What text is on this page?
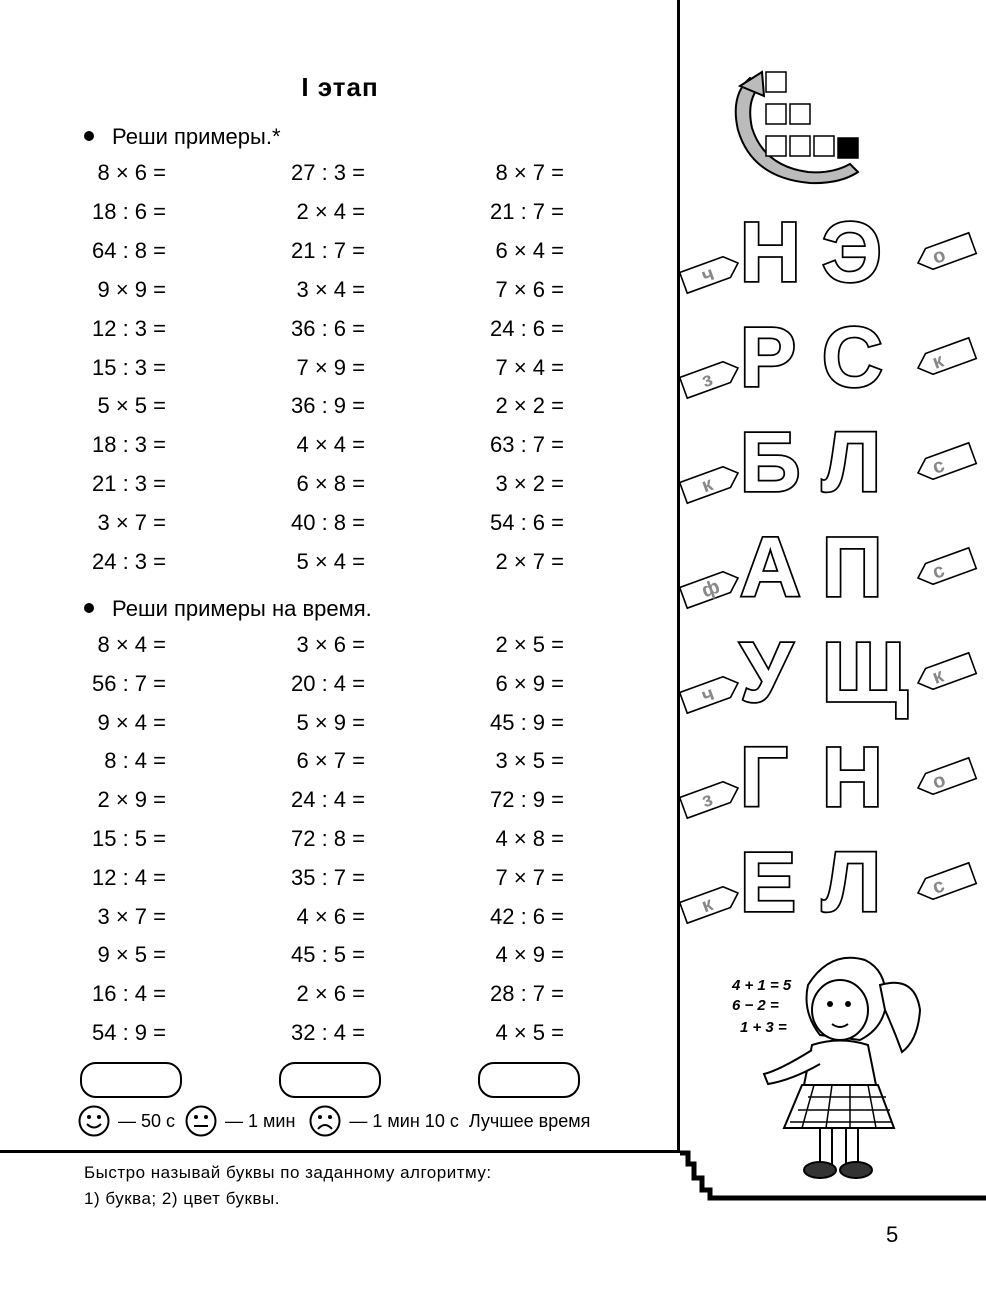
I этап
Реши примеры.*
8 × 6 =	27 : 3 =	8 × 7 =
18 : 6 =	2 × 4 =	21 : 7 =
64 : 8 =	21 : 7 =	6 × 4 =
9 × 9 =	3 × 4 =	7 × 6 =
12 : 3 =	36 : 6 =	24 : 6 =
15 : 3 =	7 × 9 =	7 × 4 =
5 × 5 =	36 : 9 =	2 × 2 =
18 : 3 =	4 × 4 =	63 : 7 =
21 : 3 =	6 × 8 =	3 × 2 =
3 × 7 =	40 : 8 =	54 : 6 =
24 : 3 =	5 × 4 =	2 × 7 =
Реши примеры на время.
8 × 4 =	3 × 6 =	2 × 5 =
56 : 7 =	20 : 4 =	6 × 9 =
9 × 4 =	5 × 9 =	45 : 9 =
8 : 4 =	6 × 7 =	3 × 5 =
2 × 9 =	24 : 4 =	72 : 9 =
15 : 5 =	72 : 8 =	4 × 8 =
12 : 4 =	35 : 7 =	7 × 7 =
3 × 7 =	4 × 6 =	42 : 6 =
9 × 5 =	45 : 5 =	4 × 9 =
16 : 4 =	2 × 6 =	28 : 7 =
54 : 9 =	32 : 4 =	4 × 5 =
— 50 с	— 1 мин	— 1 мин 10 с Лучшее время
Быстро называй буквы по заданному алгоритму:
1) буква; 2) цвет буквы.
5
Н Э
ч
о
Р С
з
к
Б Л
к
с
А П
ф
с
У Щ
ч
к
Г Н
з
о
Е Л
к
с
4 + 1 = 5
6 − 2 =
1 + 3 =
